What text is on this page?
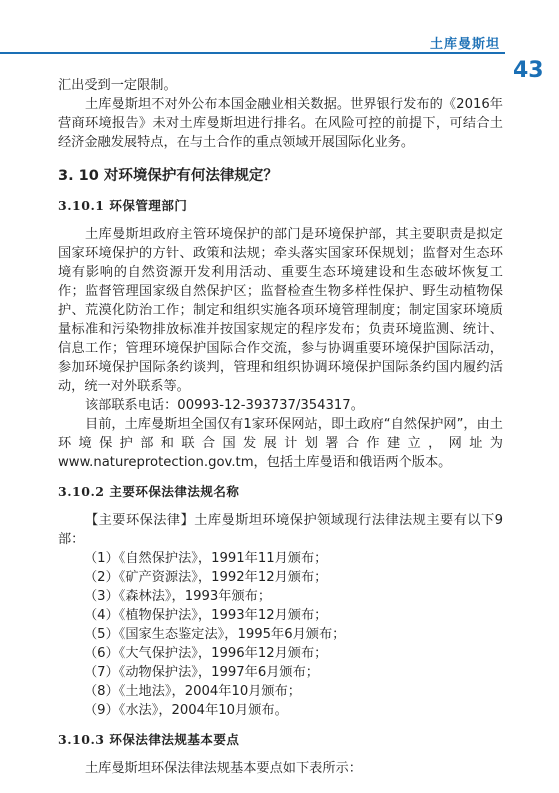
土库曼斯坦
43

汇出受到一定限制。

土库曼斯坦不对外公布本国金融业相关数据。世界银行发布的《2016年营商环境报告》未对土库曼斯坦进行排名。在风险可控的前提下，可结合土经济金融发展特点，在与土合作的重点领域开展国际化业务。

3. 10 对环境保护有何法律规定？

3.10.1 环保管理部门

土库曼斯坦政府主管环境保护的部门是环境保护部，其主要职责是拟定国家环境保护的方针、政策和法规；牵头落实国家环保规划；监督对生态环境有影响的自然资源开发利用活动、重要生态环境建设和生态破坏恢复工作；监督管理国家级自然保护区；监督检查生物多样性保护、野生动植物保护、荒漠化防治工作；制定和组织实施各项环境管理制度；制定国家环境质量标准和污染物排放标准并按国家规定的程序发布；负责环境监测、统计、信息工作；管理环境保护国际合作交流，参与协调重要环境保护国际活动，参加环境保护国际条约谈判，管理和组织协调环境保护国际条约国内履约活动，统一对外联系等。

该部联系电话：00993-12-393737/354317。

目前，土库曼斯坦全国仅有1家环保网站，即土政府“自然保护网”，由土环境保护部和联合国发展计划署合作建立，网址为www.natureprotection.gov.tm，包括土库曼语和俄语两个版本。

3.10.2 主要环保法律法规名称

【主要环保法律】土库曼斯坦环境保护领域现行法律法规主要有以下9部：

（1）《自然保护法》，1991年11月颁布；

（2）《矿产资源法》，1992年12月颁布；

（3）《森林法》，1993年颁布；

（4）《植物保护法》，1993年12月颁布；

（5）《国家生态鉴定法》，1995年6月颁布；

（6）《大气保护法》，1996年12月颁布；

（7）《动物保护法》，1997年6月颁布；

（8）《土地法》，2004年10月颁布；

（9）《水法》，2004年10月颁布。

3.10.3 环保法律法规基本要点

土库曼斯坦环保法律法规基本要点如下表所示：
